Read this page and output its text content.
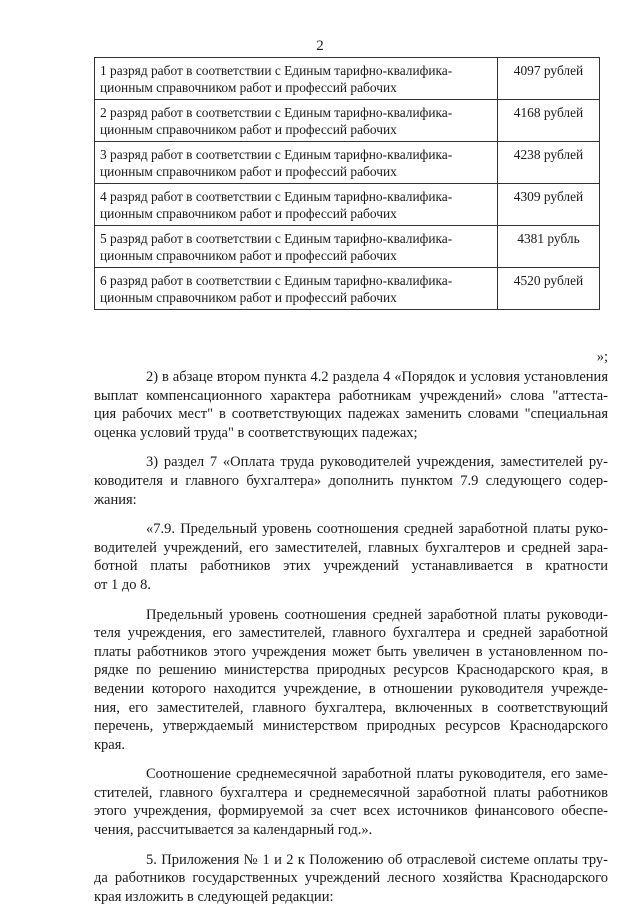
2
1 разряд работ в соответствии с Единым тарифно-квалифика-
ционным справочником работ и профессий рабочих	4097 рублей

2 разряд работ в соответствии с Единым тарифно-квалифика-
ционным справочником работ и профессий рабочих	4168 рублей

3 разряд работ в соответствии с Единым тарифно-квалифика-
ционным справочником работ и профессий рабочих	4238 рублей

4 разряд работ в соответствии с Единым тарифно-квалифика-
ционным справочником работ и профессий рабочих	4309 рублей

5 разряд работ в соответствии с Единым тарифно-квалифика-
ционным справочником работ и профессий рабочих	4381 рубль

6 разряд работ в соответствии с Единым тарифно-квалифика-
ционным справочником работ и профессий рабочих	4520 рублей
»;
2) в абзаце втором пункта 4.2 раздела 4 «Порядок и условия установления
выплат компенсационного характера работникам учреждений» слова "аттеста-
ция рабочих мест" в соответствующих падежах заменить словами "специальная
оценка условий труда" в соответствующих падежах;
3) раздел 7 «Оплата труда руководителей учреждения, заместителей ру-
ководителя и главного бухгалтера» дополнить пунктом 7.9 следующего содер-
жания:
«7.9. Предельный уровень соотношения средней заработной платы руко-
водителей учреждений, его заместителей, главных бухгалтеров и средней зара-
ботной платы работников этих учреждений устанавливается в кратности
от 1 до 8.
Предельный уровень соотношения средней заработной платы руководи-
теля учреждения, его заместителей, главного бухгалтера и средней заработной
платы работников этого учреждения может быть увеличен в установленном по-
рядке по решению министерства природных ресурсов Краснодарского края, в
ведении которого находится учреждение, в отношении руководителя учрежде-
ния, его заместителей, главного бухгалтера, включенных в соответствующий
перечень, утверждаемый министерством природных ресурсов Краснодарского
края.
Соотношение среднемесячной заработной платы руководителя, его заме-
стителей, главного бухгалтера и среднемесячной заработной платы работников
этого учреждения, формируемой за счет всех источников финансового обеспе-
чения, рассчитывается за календарный год.».
5. Приложения № 1 и 2 к Положению об отраслевой системе оплаты тру-
да работников государственных учреждений лесного хозяйства Краснодарского
края изложить в следующей редакции:
